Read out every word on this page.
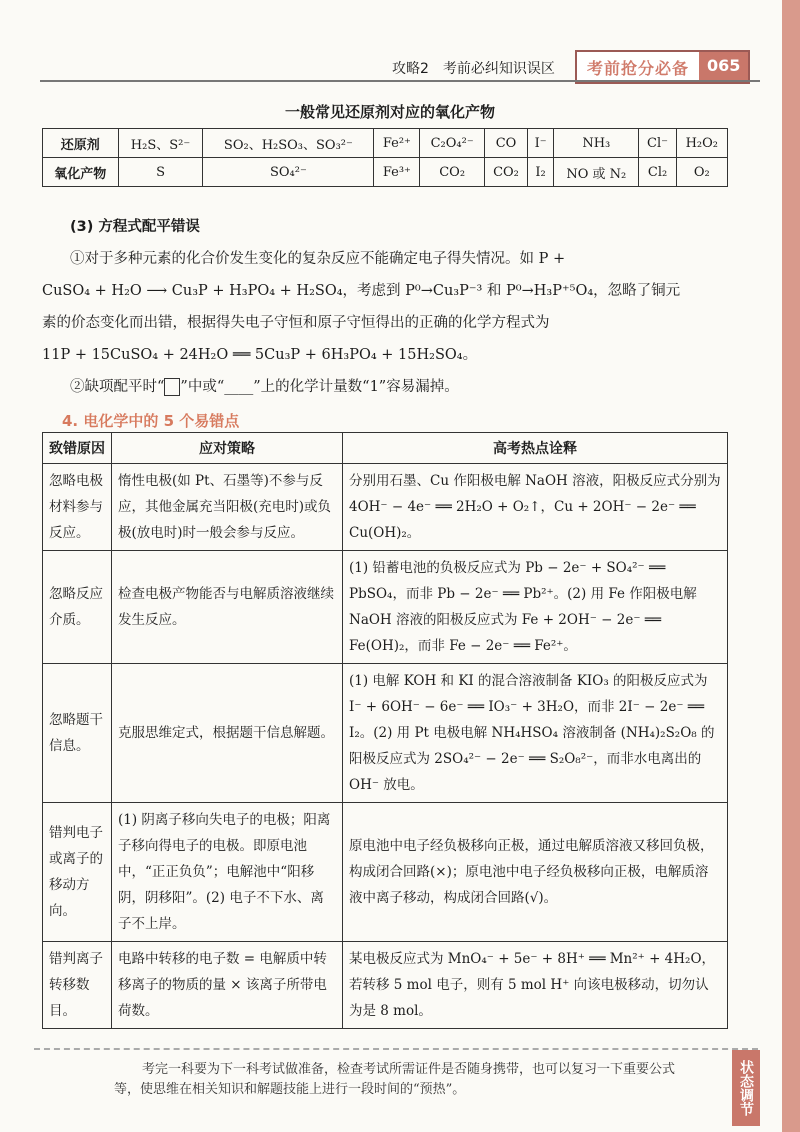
攻略2　考前必纠知识误区	考前抢分必备	065
一般常见还原剂对应的氧化产物
还原剂	H₂S、S²⁻	SO₂、H₂SO₃、SO₃²⁻	Fe²⁺	C₂O₄²⁻	CO	I⁻	NH₃	Cl⁻	H₂O₂
氧化产物	S	SO₄²⁻	Fe³⁺	CO₂	CO₂	I₂	NO 或 N₂	Cl₂	O₂

(3) 方程式配平错误

①对于多种元素的化合价发生变化的复杂反应不能确定电子得失情况。如 P +

CuSO₄ + H₂O ⟶ Cu₃P + H₃PO₄ + H₂SO₄，考虑到 P⁰→Cu₃P⁻³ 和 P⁰→H₃P⁺⁵O₄，忽略了铜元

素的价态变化而出错，根据得失电子守恒和原子守恒得出的正确的化学方程式为

11P + 15CuSO₄ + 24H₂O ══ 5Cu₃P + 6H₃PO₄ + 15H₂SO₄。

②缺项配平时“ ”中或“____”上的化学计量数“1”容易漏掉。

4. 电化学中的 5 个易错点

致错原因	应对策略	高考热点诠释
忽略电极材料参与反应。	惰性电极(如 Pt、石墨等)不参与反应，其他金属充当阳极(充电时)或负极(放电时)时一般会参与反应。	分别用石墨、Cu 作阳极电解 NaOH 溶液，阳极反应式分别为 4OH⁻ − 4e⁻ ══ 2H₂O + O₂↑，Cu + 2OH⁻ − 2e⁻ ══ Cu(OH)₂。
忽略反应介质。	检查电极产物能否与电解质溶液继续发生反应。	(1) 铅蓄电池的负极反应式为 Pb − 2e⁻ + SO₄²⁻ ══ PbSO₄，而非 Pb − 2e⁻ ══ Pb²⁺。(2) 用 Fe 作阳极电解 NaOH 溶液的阳极反应式为 Fe + 2OH⁻ − 2e⁻ ══ Fe(OH)₂，而非 Fe − 2e⁻ ══ Fe²⁺。
忽略题干信息。	克服思维定式，根据题干信息解题。	(1) 电解 KOH 和 KI 的混合溶液制备 KIO₃ 的阳极反应式为 I⁻ + 6OH⁻ − 6e⁻ ══ IO₃⁻ + 3H₂O，而非 2I⁻ − 2e⁻ ══ I₂。(2) 用 Pt 电极电解 NH₄HSO₄ 溶液制备 (NH₄)₂S₂O₈ 的阳极反应式为 2SO₄²⁻ − 2e⁻ ══ S₂O₈²⁻，而非水电离出的 OH⁻ 放电。
错判电子或离子的移动方向。	(1) 阴离子移向失电子的电极；阳离子移向得电子的电极。即原电池中，“正正负负”；电解池中“阳移阴，阴移阳”。(2) 电子不下水、离子不上岸。	原电池中电子经负极移向正极，通过电解质溶液又移回负极，构成闭合回路(×)；原电池中电子经负极移向正极，电解质溶液中离子移动，构成闭合回路(√)。
错判离子转移数目。	电路中转移的电子数 = 电解质中转移离子的物质的量 × 该离子所带电荷数。	某电极反应式为 MnO₄⁻ + 5e⁻ + 8H⁺ ══ Mn²⁺ + 4H₂O，若转移 5 mol 电子，则有 5 mol H⁺ 向该电极移动，切勿认为是 8 mol。
考完一科要为下一科考试做准备，检查考试所需证件是否随身携带，也可以复习一下重要公式等，使思维在相关知识和解题技能上进行一段时间的“预热”。	状态调节
